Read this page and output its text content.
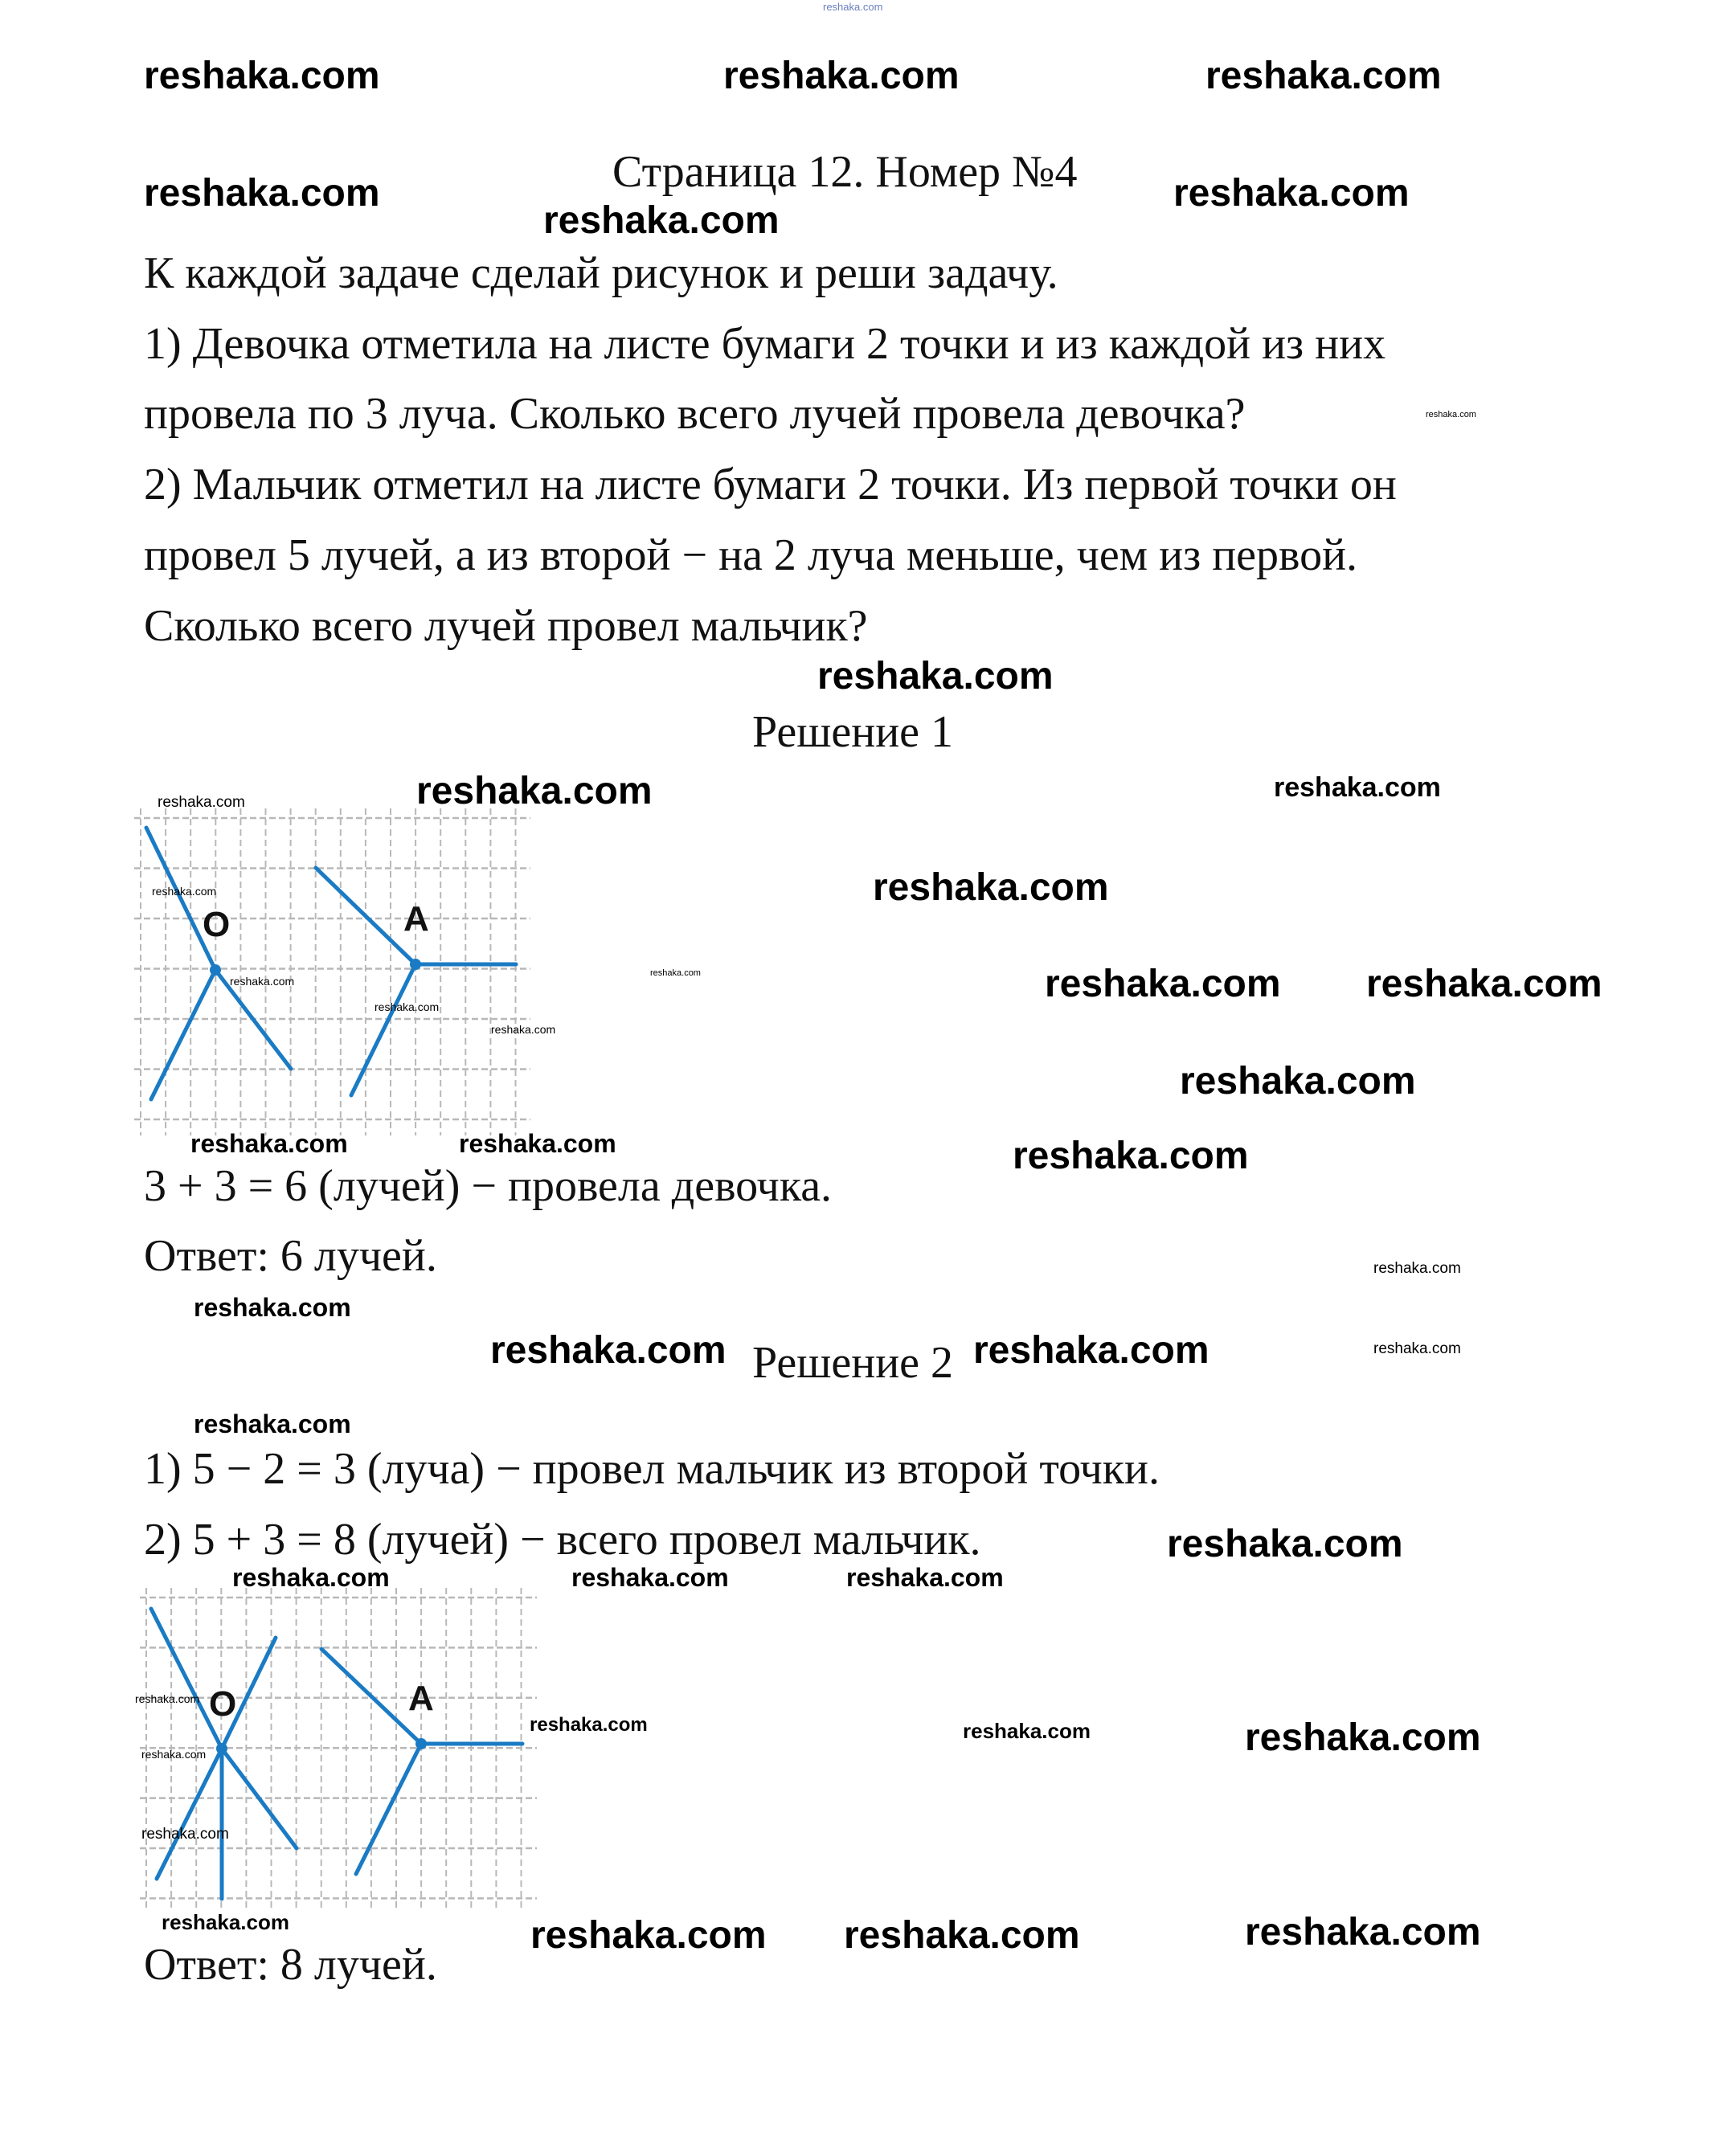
reshaka.com
Страница 12. Номер №4
К каждой задаче сделай рисунок и реши задачу.
1) Девочка отметила на листе бумаги 2 точки и из каждой из них
провела по 3 луча. Сколько всего лучей провела девочка?
2) Мальчик отметил на листе бумаги 2 точки. Из первой точки он
провел 5 лучей, а из второй − на 2 луча меньше, чем из первой.
Сколько всего лучей провел мальчик?
Решение 1
3 + 3 = 6 (лучей) − провела девочка.
Ответ: 6 лучей.
Решение 2
1) 5 − 2 = 3 (луча) − провел мальчик из второй точки.
2) 5 + 3 = 8 (лучей) − всего провел мальчик.
Ответ: 8 лучей.
O	A
O	A
reshaka.com	reshaka.com
reshaka.com
reshaka.com	reshaka.com
reshaka.com
reshaka.com
reshaka.com reshaka.com
reshaka.com
reshaka.com	reshaka.com
reshaka.com
reshaka.com
reshaka.com
reshaka.com	reshaka.com
reshaka.com
reshaka.com
reshaka.com	reshaka.com	reshaka.com
reshaka.com
reshaka.com
reshaka.com	reshaka.com	reshaka.com
reshaka.com
reshaka.com
reshaka.com
reshaka.com
reshaka.com
reshaka.com
reshaka.com
reshaka.com
reshaka.com
reshaka.com
reshaka.com
reshaka.com
reshaka.com
reshaka.com
reshaka.com
reshaka.com
